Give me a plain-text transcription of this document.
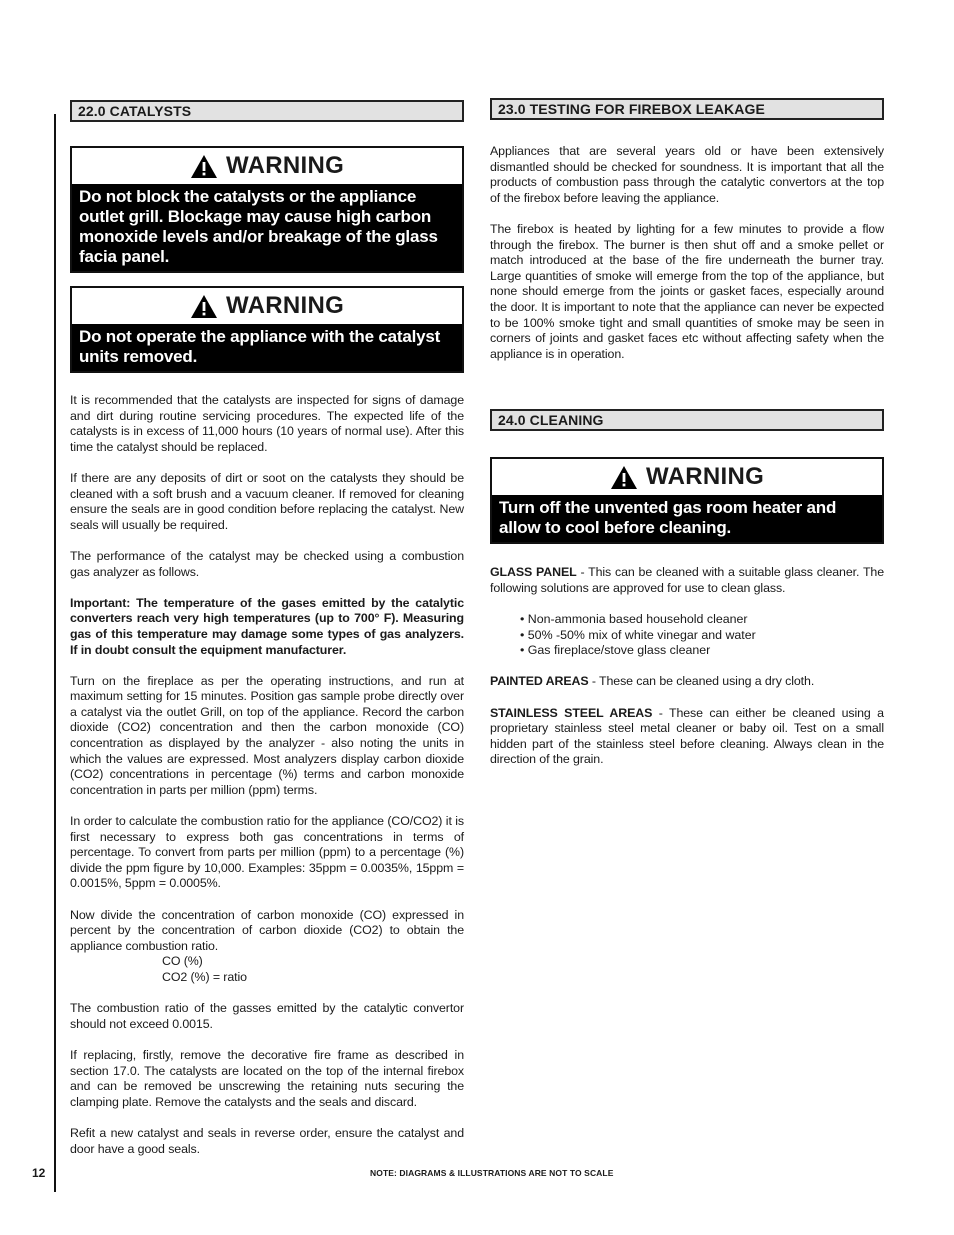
22.0 CATALYSTS
WARNING
Do not block the catalysts or the appliance outlet grill. Blockage may cause high carbon monoxide levels and/or breakage of the glass facia panel.
WARNING
Do not operate the appliance with the catalyst units removed.

It is recommended that the catalysts are inspected for signs of damage and dirt during routine servicing procedures. The expected life of the catalysts is in excess of 11,000 hours (10 years of normal use). After this time the catalyst should be replaced.

If there are any deposits of dirt or soot on the catalysts they should be cleaned with a soft brush and a vacuum cleaner. If removed for cleaning ensure the seals are in good condition before replacing the catalyst. New seals will usually be required.

The performance of the catalyst may be checked using a combustion gas analyzer as follows.

Important: The temperature of the gases emitted by the catalytic converters reach very high temperatures (up to 700° F). Measuring gas of this temperature may damage some types of gas analyzers. If in doubt consult the equipment manufacturer.

Turn on the fireplace as per the operating instructions, and run at maximum setting for 15 minutes. Position gas sample probe directly over a catalyst via the outlet Grill, on top of the appliance. Record the carbon dioxide (CO2) concentration and then the carbon monoxide (CO) concentration as displayed by the analyzer - also noting the units in which the values are expressed. Most analyzers display carbon dioxide (CO2) concentrations in percentage (%) terms and carbon monoxide concentration in parts per million (ppm) terms.

In order to calculate the combustion ratio for the appliance (CO/CO2) it is first necessary to express both gas concentrations in terms of percentage. To convert from parts per million (ppm) to a percentage (%) divide the ppm figure by 10,000. Examples: 35ppm = 0.0035%, 15ppm = 0.0015%, 5ppm = 0.0005%.

Now divide the concentration of carbon monoxide (CO) expressed in percent by the concentration of carbon dioxide (CO2) to obtain the appliance combustion ratio.

CO (%)

CO2 (%) = ratio

The combustion ratio of the gasses emitted by the catalytic convertor should not exceed 0.0015.

If replacing, firstly, remove the decorative fire frame as described in section 17.0. The catalysts are located on the top of the internal firebox and can be removed be unscrewing the retaining nuts securing the clamping plate. Remove the catalysts and the seals and discard.

Refit a new catalyst and seals in reverse order, ensure the catalyst and door have a good seals.

23.0 TESTING FOR FIREBOX LEAKAGE

Appliances that are several years old or have been extensively dismantled should be checked for soundness. It is important that all the products of combustion pass through the catalytic convertors at the top of the firebox before leaving the appliance.

The firebox is heated by lighting for a few minutes to provide a flow through the firebox. The burner is then shut off and a smoke pellet or match introduced at the base of the fire underneath the burner tray. Large quantities of smoke will emerge from the top of the appliance, but none should emerge from the joints or gasket faces, especially around the door. It is important to note that the appliance can never be expected to be 100% smoke tight and small quantities of smoke may be seen in corners of joints and gasket faces etc without affecting safety when the appliance is in operation.

24.0 CLEANING
WARNING
Turn off the unvented gas room heater and allow to cool before cleaning.

GLASS PANEL - This can be cleaned with a suitable glass cleaner. The following solutions are approved for use to clean glass.

• Non-ammonia based household cleaner
• 50% -50% mix of white vinegar and water
• Gas fireplace/stove glass cleaner

PAINTED AREAS - These can be cleaned using a dry cloth.

STAINLESS STEEL AREAS - These can either be cleaned using a proprietary stainless steel metal cleaner or baby oil. Test on a small hidden part of the stainless steel before cleaning. Always clean in the direction of the grain.

12	NOTE: DIAGRAMS & ILLUSTRATIONS ARE NOT TO SCALE
